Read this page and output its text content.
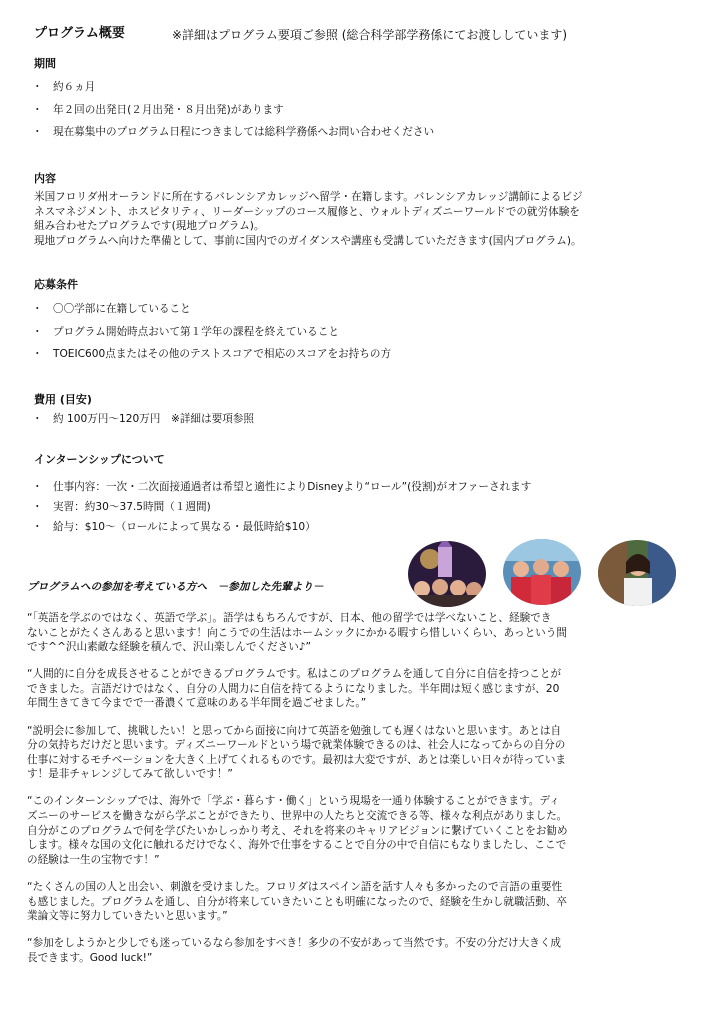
プログラム概要	※詳細はプログラム要項ご参照 (総合科学部学務係にてお渡ししています)
期間
・ 約６ヵ月
・ 年２回の出発日(２月出発・８月出発)があります
・ 現在募集中のプログラム日程につきましては総科学務係へお問い合わせください
内容

米国フロリダ州オーランドに所在するバレンシアカレッジへ留学・在籍します。バレンシアカレッジ講師によるビジ

ネスマネジメント、ホスピタリティ、リーダーシップのコース履修と、ウォルトディズニーワールドでの就労体験を

組み合わせたプログラムです(現地プログラム)。

現地プログラムへ向けた準備として、事前に国内でのガイダンスや講座も受講していただきます(国内プログラム)。

応募条件
・ 〇〇学部に在籍していること
・ プログラム開始時点おいて第１学年の課程を終えていること
・ TOEIC600点またはその他のテストスコアで相応のスコアをお持ちの方
費用 (目安)
・ 約 100万円～120万円　※詳細は要項参照
インターンシップについて
・ 仕事内容：一次・二次面接通過者は希望と適性によりDisneyより“ロール”(役割)がオファーされます
・ 実習：約30～37.5時間（１週間)
・ 給与：$10～（ロールによって異なる・最低時給$10）
プログラムへの参加を考えている方へ　－参加した先輩より－
“「英語を学ぶのではなく、英語で学ぶ」。語学はもちろんですが、日本、他の留学では学べないこと、経験でき
ないことがたくさんあると思います！向こうでの生活はホームシックにかかる暇すら惜しいくらい、あっという間
です^^沢山素敵な経験を積んで、沢山楽しんでください♪”
“人間的に自分を成長させることができるプログラムです。私はこのプログラムを通して自分に自信を持つことが
できました。言語だけではなく、自分の人間力に自信を持てるようになりました。半年間は短く感じますが、20
年間生きてきて今までで一番濃くて意味のある半年間を過ごせました。”
“説明会に参加して、挑戦したい！と思ってから面接に向けて英語を勉強しても遅くはないと思います。あとは自
分の気持ちだけだと思います。ディズニーワールドという場で就業体験できるのは、社会人になってからの自分の
仕事に対するモチベーションを大きく上げてくれるものです。最初は大変ですが、あとは楽しい日々が待っていま
す！是非チャレンジしてみて欲しいです！”
“このインターンシップでは、海外で「学ぶ・暮らす・働く」という現場を一通り体験することができます。ディ
ズニーのサービスを働きながら学ぶことができたり、世界中の人たちと交流できる等、様々な利点がありました。
自分がこのプログラムで何を学びたいかしっかり考え、それを将来のキャリアビジョンに繋げていくことをお勧め
します。様々な国の文化に触れるだけでなく、海外で仕事をすることで自分の中で自信にもなりましたし、ここで
の経験は一生の宝物です！”
“たくさんの国の人と出会い、刺激を受けました。フロリダはスペイン語を話す人々も多かったので言語の重要性
も感じました。プログラムを通し、自分が将来していきたいことも明確になったので、経験を生かし就職活動、卒
業論文等に努力していきたいと思います。”
“参加をしようかと少しでも迷っているなら参加をすべき！多少の不安があって当然です。不安の分だけ大きく成
長できます。Good luck!”
